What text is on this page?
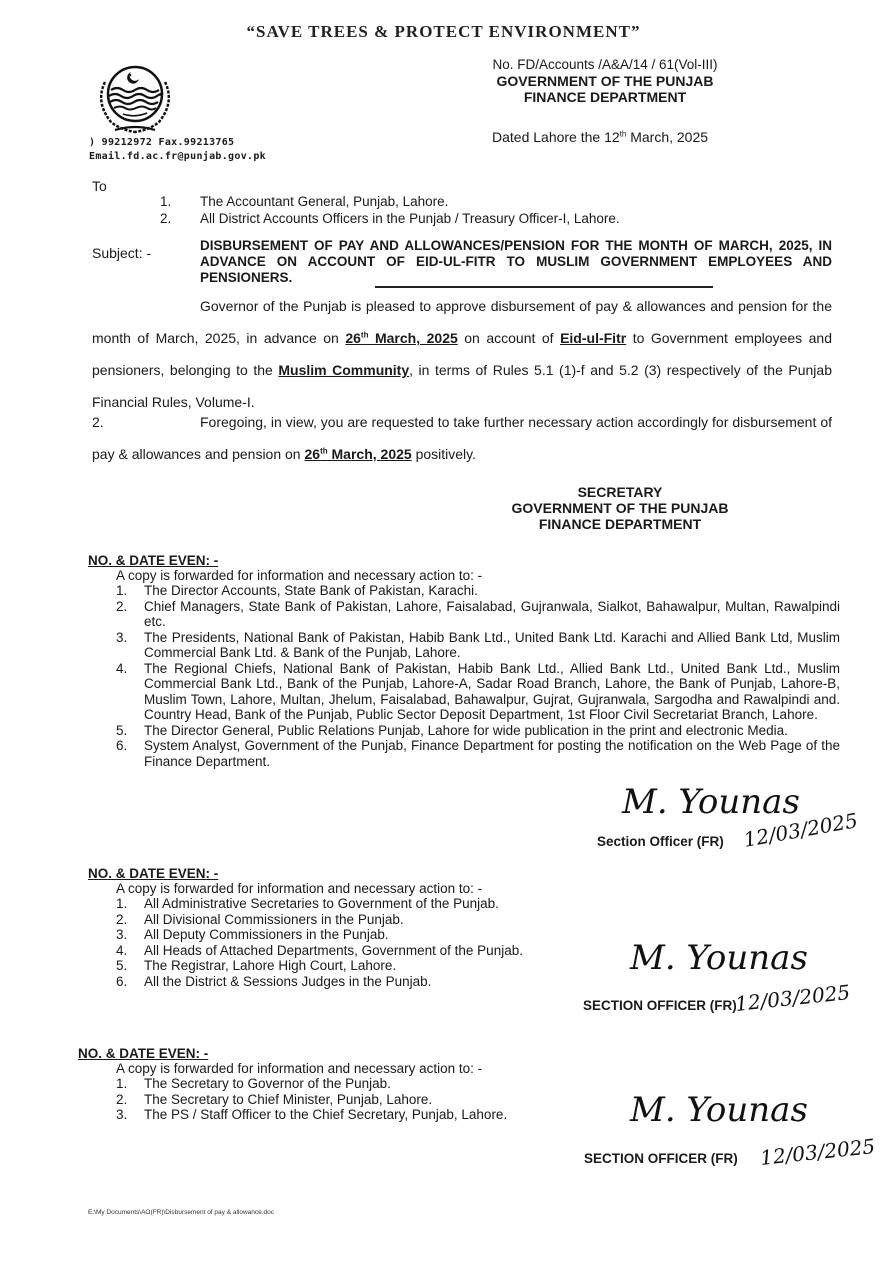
“SAVE TREES & PROTECT ENVIRONMENT”
) 99212972 Fax.99213765
Email.fd.ac.fr@punjab.gov.pk
No. FD/Accounts /A&A/14 / 61(Vol-III)
GOVERNMENT OF THE PUNJAB
FINANCE DEPARTMENT
Dated Lahore the 12th March, 2025
To
1. The Accountant General, Punjab, Lahore.
2. All District Accounts Officers in the Punjab / Treasury Officer-I, Lahore.
Subject: -	DISBURSEMENT OF PAY AND ALLOWANCES/PENSION FOR THE MONTH OF MARCH, 2025, IN ADVANCE ON ACCOUNT OF EID-UL-FITR TO MUSLIM GOVERNMENT EMPLOYEES AND PENSIONERS.
Governor of the Punjab is pleased to approve disbursement of pay & allowances and pension for the month of March, 2025, in advance on 26th March, 2025 on account of Eid-ul-Fitr to Government employees and pensioners, belonging to the Muslim Community, in terms of Rules 5.1 (1)-f and 5.2 (3) respectively of the Punjab Financial Rules, Volume-I.
2.	Foregoing, in view, you are requested to take further necessary action accordingly for disbursement of pay & allowances and pension on 26th March, 2025 positively.
SECRETARY
GOVERNMENT OF THE PUNJAB
FINANCE DEPARTMENT
NO. & DATE EVEN: -
A copy is forwarded for information and necessary action to: -
1.	The Director Accounts, State Bank of Pakistan, Karachi.
2.	Chief Managers, State Bank of Pakistan, Lahore, Faisalabad, Gujranwala, Sialkot, Bahawalpur, Multan, Rawalpindi etc.
3.	The Presidents, National Bank of Pakistan, Habib Bank Ltd., United Bank Ltd. Karachi and Allied Bank Ltd, Muslim Commercial Bank Ltd. & Bank of the Punjab, Lahore.
4.	The Regional Chiefs, National Bank of Pakistan, Habib Bank Ltd., Allied Bank Ltd., United Bank Ltd., Muslim Commercial Bank Ltd., Bank of the Punjab, Lahore-A, Sadar Road Branch, Lahore, the Bank of Punjab, Lahore-B, Muslim Town, Lahore, Multan, Jhelum, Faisalabad, Bahawalpur, Gujrat, Gujranwala, Sargodha and Rawalpindi and. Country Head, Bank of the Punjab, Public Sector Deposit Department, 1st Floor Civil Secretariat Branch, Lahore.
5.	The Director General, Public Relations Punjab, Lahore for wide publication in the print and electronic Media.
6.	System Analyst, Government of the Punjab, Finance Department for posting the notification on the Web Page of the Finance Department.
M. Younas
Section Officer (FR) 12/03/2025
NO. & DATE EVEN: -
A copy is forwarded for information and necessary action to: -
1.	All Administrative Secretaries to Government of the Punjab.
2.	All Divisional Commissioners in the Punjab.
3.	All Deputy Commissioners in the Punjab.
4.	All Heads of Attached Departments, Government of the Punjab.
5.	The Registrar, Lahore High Court, Lahore.
6.	All the District & Sessions Judges in the Punjab.
M. Younas
SECTION OFFICER (FR)
12/03/2025
NO. & DATE EVEN: -
A copy is forwarded for information and necessary action to: -
1.	The Secretary to Governor of the Punjab.
2.	The Secretary to Chief Minister, Punjab, Lahore.
3.	The PS / Staff Officer to the Chief Secretary, Punjab, Lahore.	M. Younas
SECTION OFFICER (FR) 12/03/2025
E:\My Documents\AO(FR)\Disbursement of pay & allowance.doc
